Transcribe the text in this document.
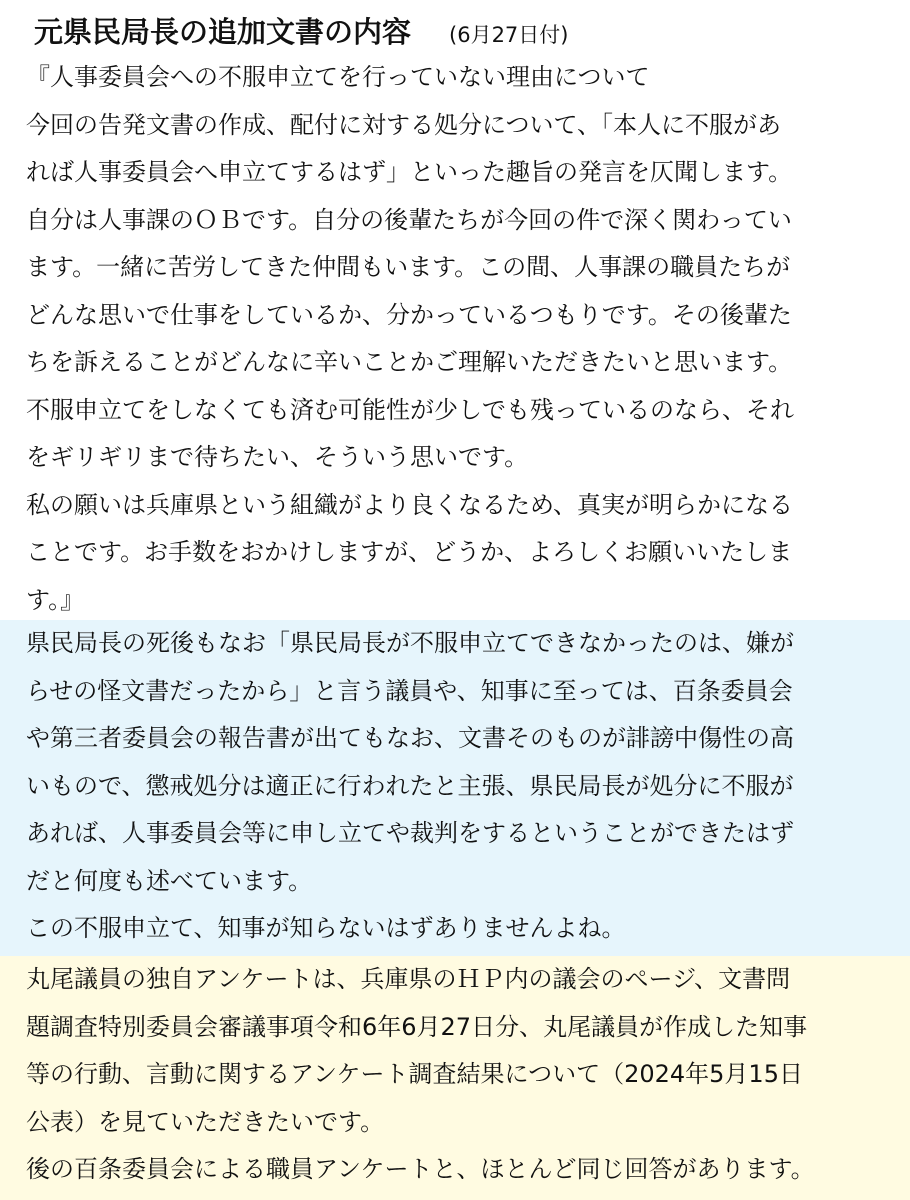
元県民局長の追加文書の内容 (6月27日付)
『人事委員会への不服申立てを行っていない理由について
今回の告発文書の作成、配付に対する処分について、「本人に不服があ
れば人事委員会へ申立てするはず」といった趣旨の発言を仄聞します。
自分は人事課のＯＢです。自分の後輩たちが今回の件で深く関わってい
ます。一緒に苦労してきた仲間もいます。この間、人事課の職員たちが
どんな思いで仕事をしているか、分かっているつもりです。その後輩た
ちを訴えることがどんなに辛いことかご理解いただきたいと思います。
不服申立てをしなくても済む可能性が少しでも残っているのなら、それ
をギリギリまで待ちたい、そういう思いです。
私の願いは兵庫県という組織がより良くなるため、真実が明らかになる
ことです。お手数をおかけしますが、どうか、よろしくお願いいたしま
す。』
県民局長の死後もなお「県民局長が不服申立てできなかったのは、嫌が
らせの怪文書だったから」と言う議員や、知事に至っては、百条委員会
や第三者委員会の報告書が出てもなお、文書そのものが誹謗中傷性の高
いもので、懲戒処分は適正に行われたと主張、県民局長が処分に不服が
あれば、人事委員会等に申し立てや裁判をするということができたはず
だと何度も述べています。
この不服申立て、知事が知らないはずありませんよね。
丸尾議員の独自アンケートは、兵庫県のＨＰ内の議会のページ、文書問
題調査特別委員会審議事項令和6年6月27日分、丸尾議員が作成した知事
等の行動、言動に関するアンケート調査結果について（2024年5月15日
公表）を見ていただきたいです。
後の百条委員会による職員アンケートと、ほとんど同じ回答があります。
